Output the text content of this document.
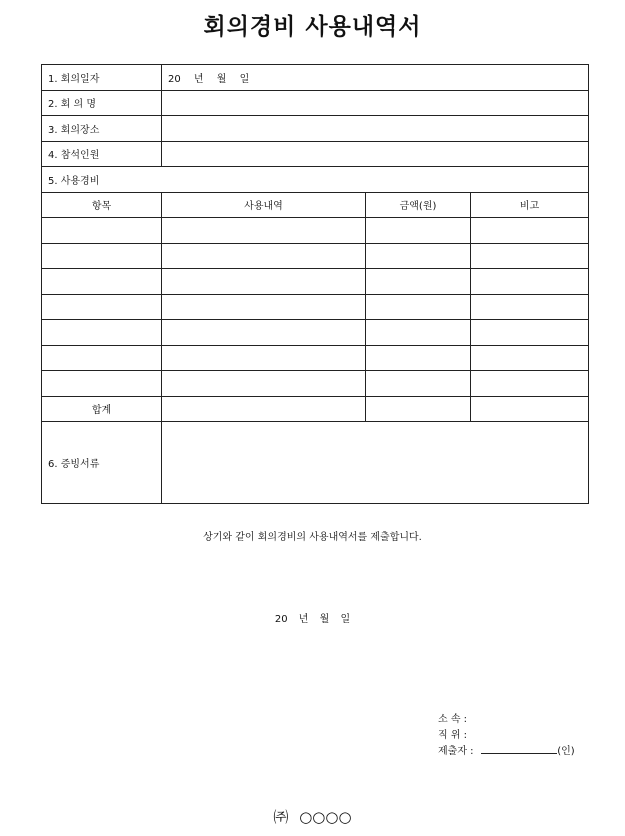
회의경비 사용내역서
1. 회의일자	20 년 월 일		
2. 회 의 명			
3. 회의장소			
4. 참석인원			
5. 사용경비			
항목	사용내역	금액(원)	비고

합계			
6. 증빙서류			
상기와 같이 회의경비의 사용내역서를 제출합니다.
20 년 월 일
소 속 :
직 위 :
제출자 :	(인)
㈜ ○○○○
